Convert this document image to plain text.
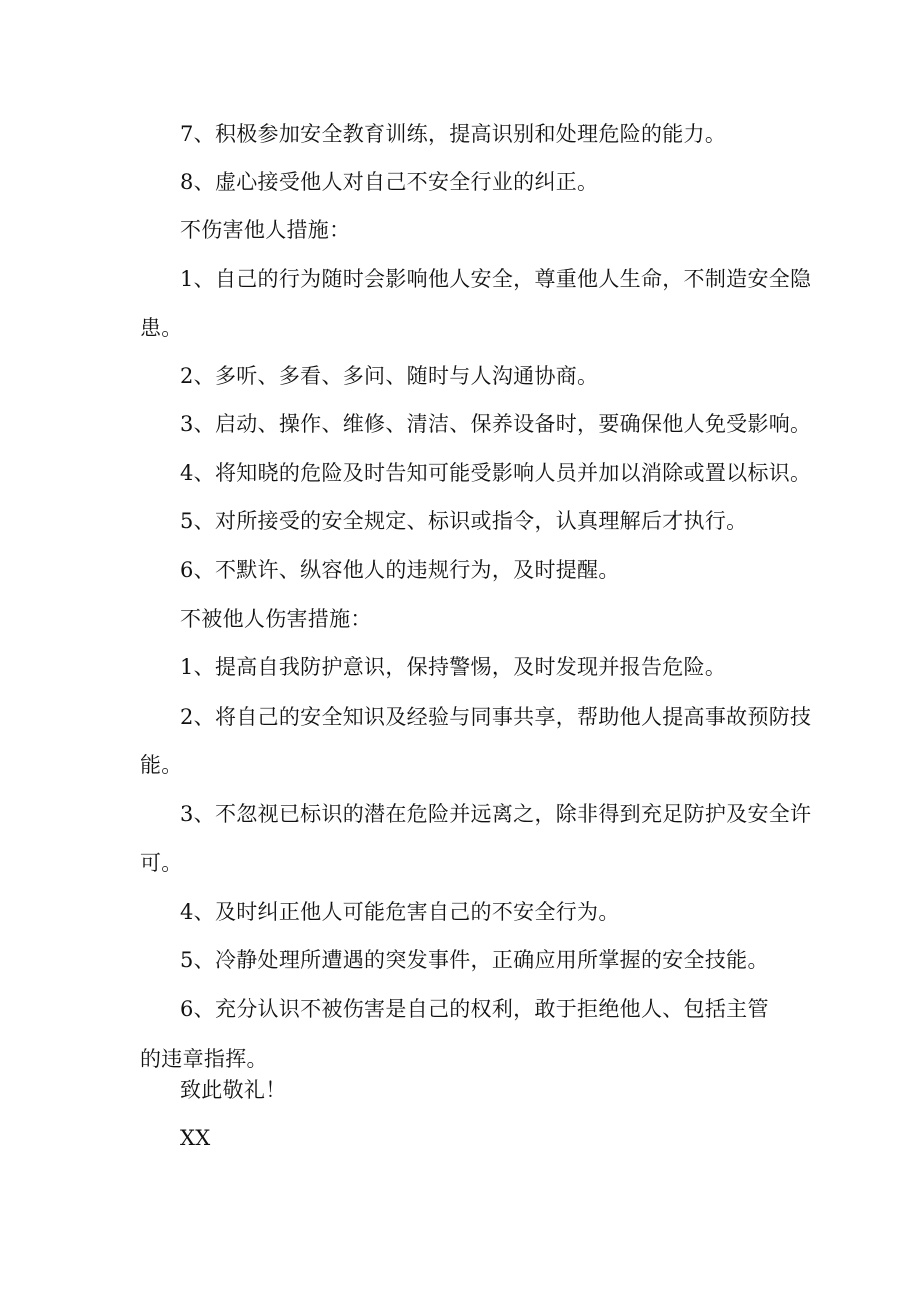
7、积极参加安全教育训练，提高识别和处理危险的能力。
8、虚心接受他人对自己不安全行业的纠正。
不伤害他人措施：
1、自己的行为随时会影响他人安全，尊重他人生命，不制造安全隐
患。
2、多听、多看、多问、随时与人沟通协商。
3、启动、操作、维修、清洁、保养设备时，要确保他人免受影响。
4、将知晓的危险及时告知可能受影响人员并加以消除或置以标识。
5、对所接受的安全规定、标识或指令，认真理解后才执行。
6、不默许、纵容他人的违规行为，及时提醒。
不被他人伤害措施：
1、提高自我防护意识，保持警惕，及时发现并报告危险。
2、将自己的安全知识及经验与同事共享，帮助他人提高事故预防技
能。
3、不忽视已标识的潜在危险并远离之，除非得到充足防护及安全许
可。
4、及时纠正他人可能危害自己的不安全行为。
5、冷静处理所遭遇的突发事件，正确应用所掌握的安全技能。
6、充分认识不被伤害是自己的权利，敢于拒绝他人、包括主管
的违章指挥。
致此敬礼！
XX
